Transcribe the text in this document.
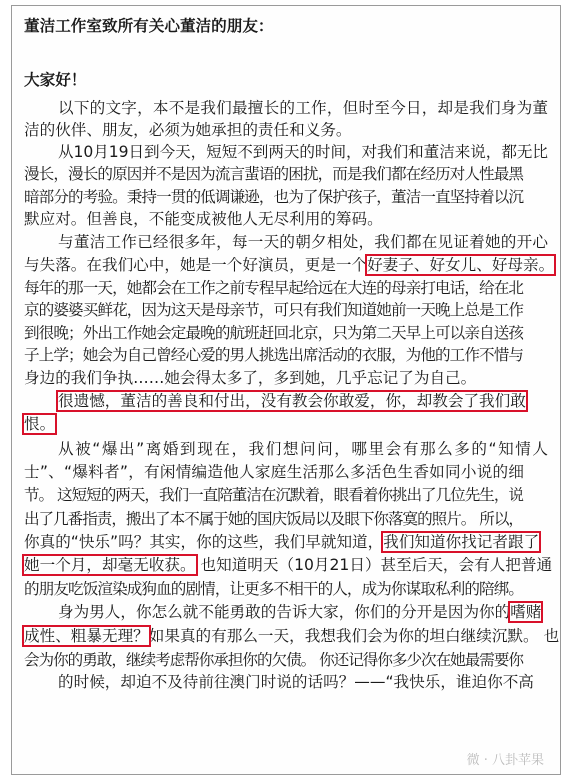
董洁工作室致所有关心董洁的朋友：
大家好！
以下的文字，本不是我们最擅长的工作，但时至今日，却是我们身为董
洁的伙伴、朋友，必须为她承担的责任和义务。
从10月19日到今天，短短不到两天的时间，对我们和董洁来说，都无比
漫长，漫长的原因并不是因为流言蜚语的困扰，而是我们都在经历对人性最黑
暗部分的考验。秉持一贯的低调谦逊，也为了保护孩子，董洁一直坚持着以沉
默应对。但善良，不能变成被他人无尽利用的筹码。
与董洁工作已经很多年，每一天的朝夕相处，我们都在见证着她的开心
与失落。在我们心中，她是一个好演员，更是一个好妻子、好女儿、好母亲。
每年的那一天，她都会在工作之前专程早起给远在大连的母亲打电话，给在北
京的婆婆买鲜花，因为这天是母亲节，可只有我们知道她前一天晚上总是工作
到很晚；外出工作她会定最晚的航班赶回北京，只为第二天早上可以亲自送孩
子上学；她会为自己曾经心爱的男人挑选出席活动的衣服，为他的工作不惜与
身边的我们争执……她会得太多了，多到她，几乎忘记了为自己。
很遗憾，董洁的善良和付出，没有教会你敢爱，你，却教会了我们敢
恨。
从被“爆出”离婚到现在，我们想问问，哪里会有那么多的“知情人
士”、“爆料者”，有闲情编造他人家庭生活那么多活色生香如同小说的细
节。 这短短的两天，我们一直陪董洁在沉默着，眼看着你挑出了几位先生，说
出了几番指责，搬出了本不属于她的国庆饭局以及眼下你落寞的照片。 所以，
你真的“快乐”吗？其实，你的这些，我们早就知道，我们知道你找记者跟了
她一个月，却毫无收获。 也知道明天（10月21日）甚至后天，会有人把普通
的朋友吃饭渲染成狗血的剧情，让更多不相干的人，成为你谋取私利的陪绑。
身为男人，你怎么就不能勇敢的告诉大家，你们的分开是因为你的嗜赌
成性、粗暴无理？如果真的有那么一天，我想我们会为你的坦白继续沉默。 也
会为你的勇敢，继续考虑帮你承担你的欠债。 你还记得你多少次在她最需要你
的时候，却迫不及待前往澳门时说的话吗？——“我快乐，谁迫你不高
微 · 八卦苹果
